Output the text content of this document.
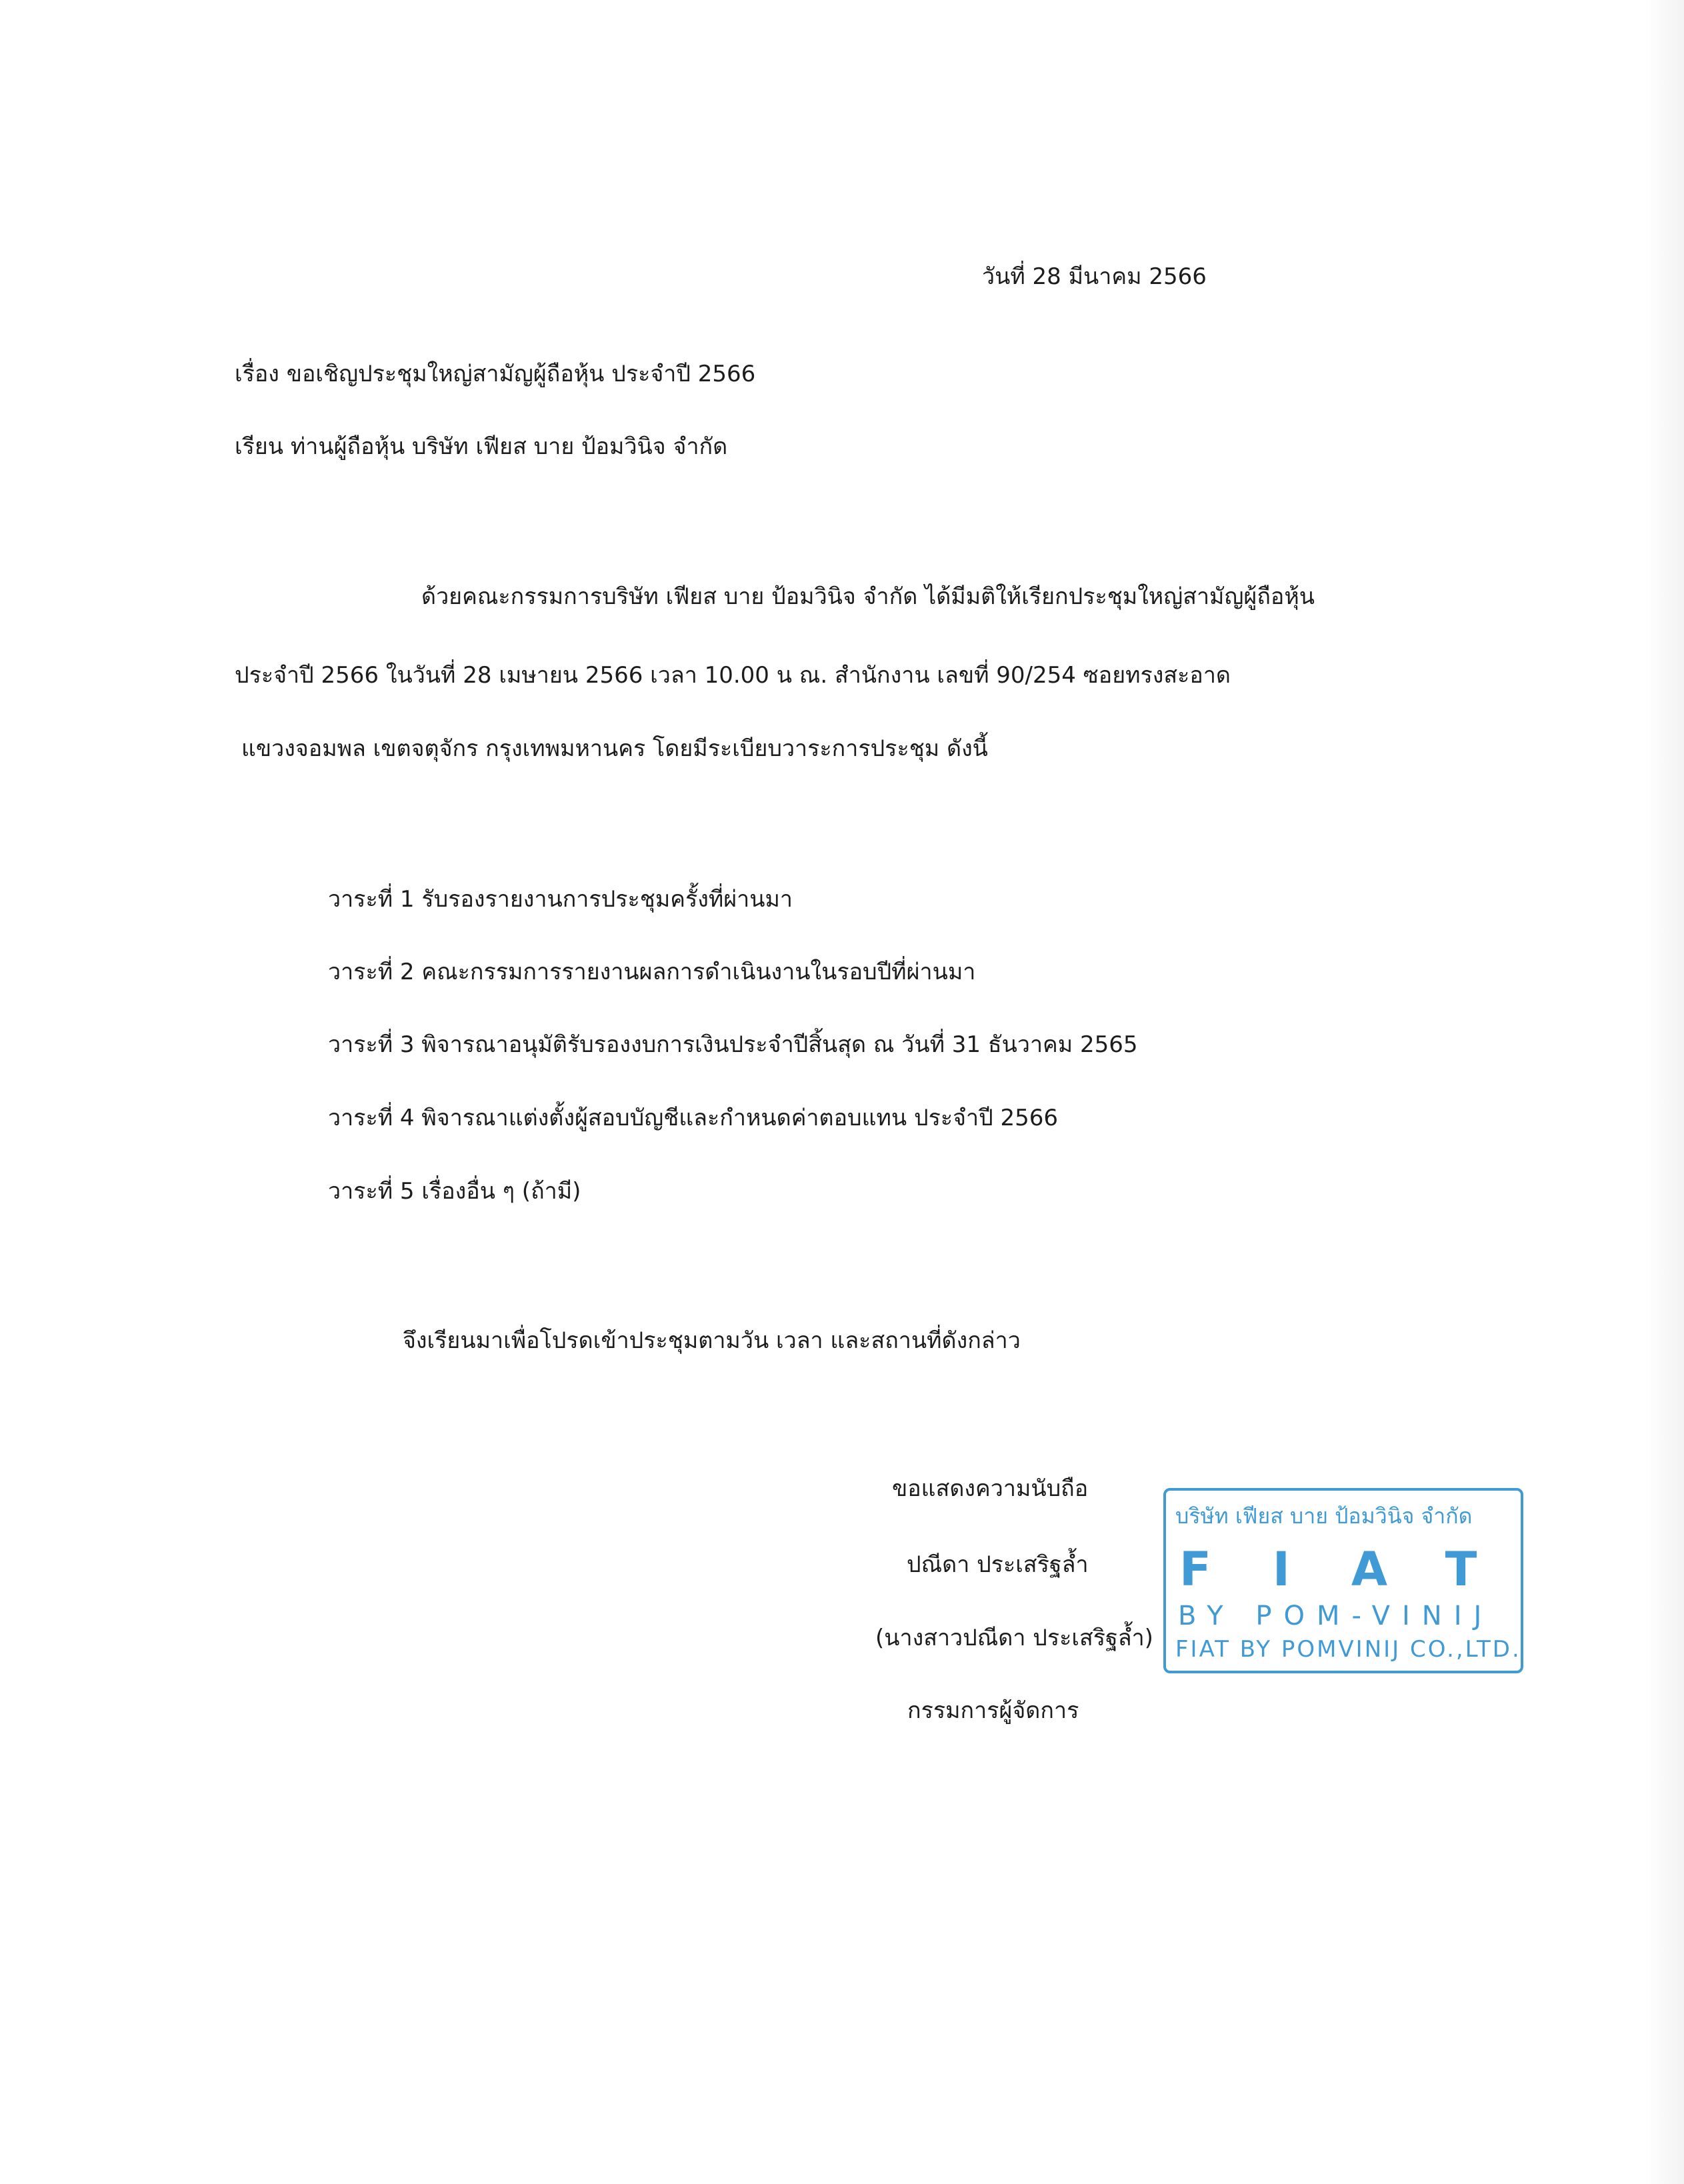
วันที่ 28 มีนาคม 2566
เรื่อง ขอเชิญประชุมใหญ่สามัญผู้ถือหุ้น ประจำปี 2566
เรียน ท่านผู้ถือหุ้น บริษัท เฟียส บาย ป้อมวินิจ จำกัด
ด้วยคณะกรรมการบริษัท เฟียส บาย ป้อมวินิจ จำกัด ได้มีมติให้เรียกประชุมใหญ่สามัญผู้ถือหุ้น
ประจำปี 2566 ในวันที่ 28 เมษายน 2566 เวลา 10.00 น ณ. สำนักงาน เลขที่ 90/254 ซอยทรงสะอาด
แขวงจอมพล เขตจตุจักร กรุงเทพมหานคร โดยมีระเบียบวาระการประชุม ดังนี้
วาระที่ 1 รับรองรายงานการประชุมครั้งที่ผ่านมา
วาระที่ 2 คณะกรรมการรายงานผลการดำเนินงานในรอบปีที่ผ่านมา
วาระที่ 3 พิจารณาอนุมัติรับรองงบการเงินประจำปีสิ้นสุด ณ วันที่ 31 ธันวาคม 2565
วาระที่ 4 พิจารณาแต่งตั้งผู้สอบบัญชีและกำหนดค่าตอบแทน ประจำปี 2566
วาระที่ 5 เรื่องอื่น ๆ (ถ้ามี)
จึงเรียนมาเพื่อโปรดเข้าประชุมตามวัน เวลา และสถานที่ดังกล่าว
ขอแสดงความนับถือ
ปณีดา ประเสริฐล้ำ
(นางสาวปณีดา ประเสริฐล้ำ)
กรรมการผู้จัดการ
บริษัท เฟียส บาย ป้อมวินิจ จำกัด
FIAT
BY POM-VINIJ
FIAT BY POMVINIJ CO.,LTD.
